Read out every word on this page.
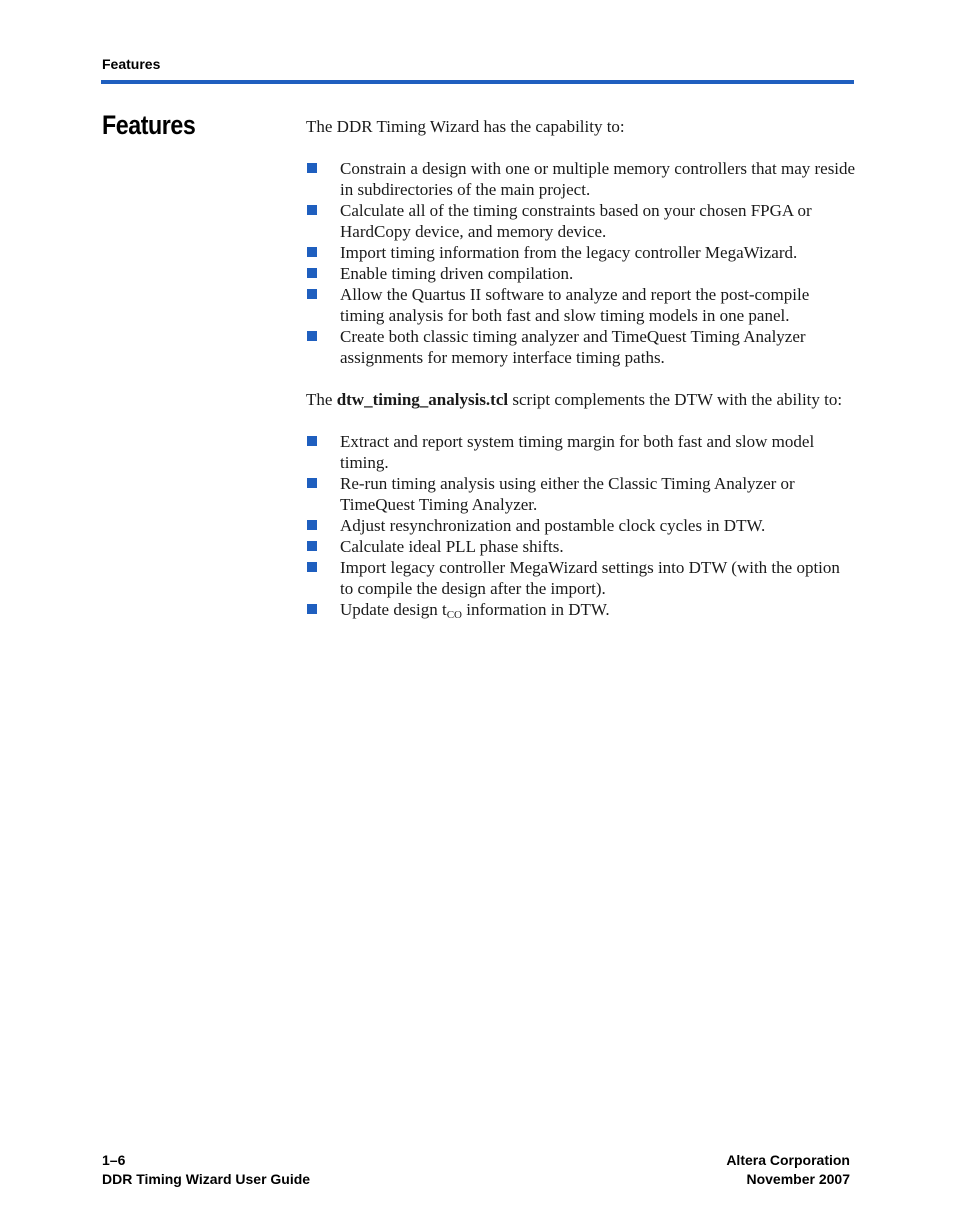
Features
Features	The DDR Timing Wizard has the capability to:

Constrain a design with one or multiple memory controllers that may reside in subdirectories of the main project.
Calculate all of the timing constraints based on your chosen FPGA or HardCopy device, and memory device.
Import timing information from the legacy controller MegaWizard.
Enable timing driven compilation.
Allow the Quartus II software to analyze and report the post-compile timing analysis for both fast and slow timing models in one panel.
Create both classic timing analyzer and TimeQuest Timing Analyzer assignments for memory interface timing paths.

The dtw_timing_analysis.tcl script complements the DTW with the ability to:

Extract and report system timing margin for both fast and slow model timing.
Re-run timing analysis using either the Classic Timing Analyzer or TimeQuest Timing Analyzer.
Adjust resynchronization and postamble clock cycles in DTW.
Calculate ideal PLL phase shifts.
Import legacy controller MegaWizard settings into DTW (with the option to compile the design after the import).
Update design $t_{CO}$ information in DTW.
1–6
DDR Timing Wizard User Guide
Altera Corporation
November 2007
